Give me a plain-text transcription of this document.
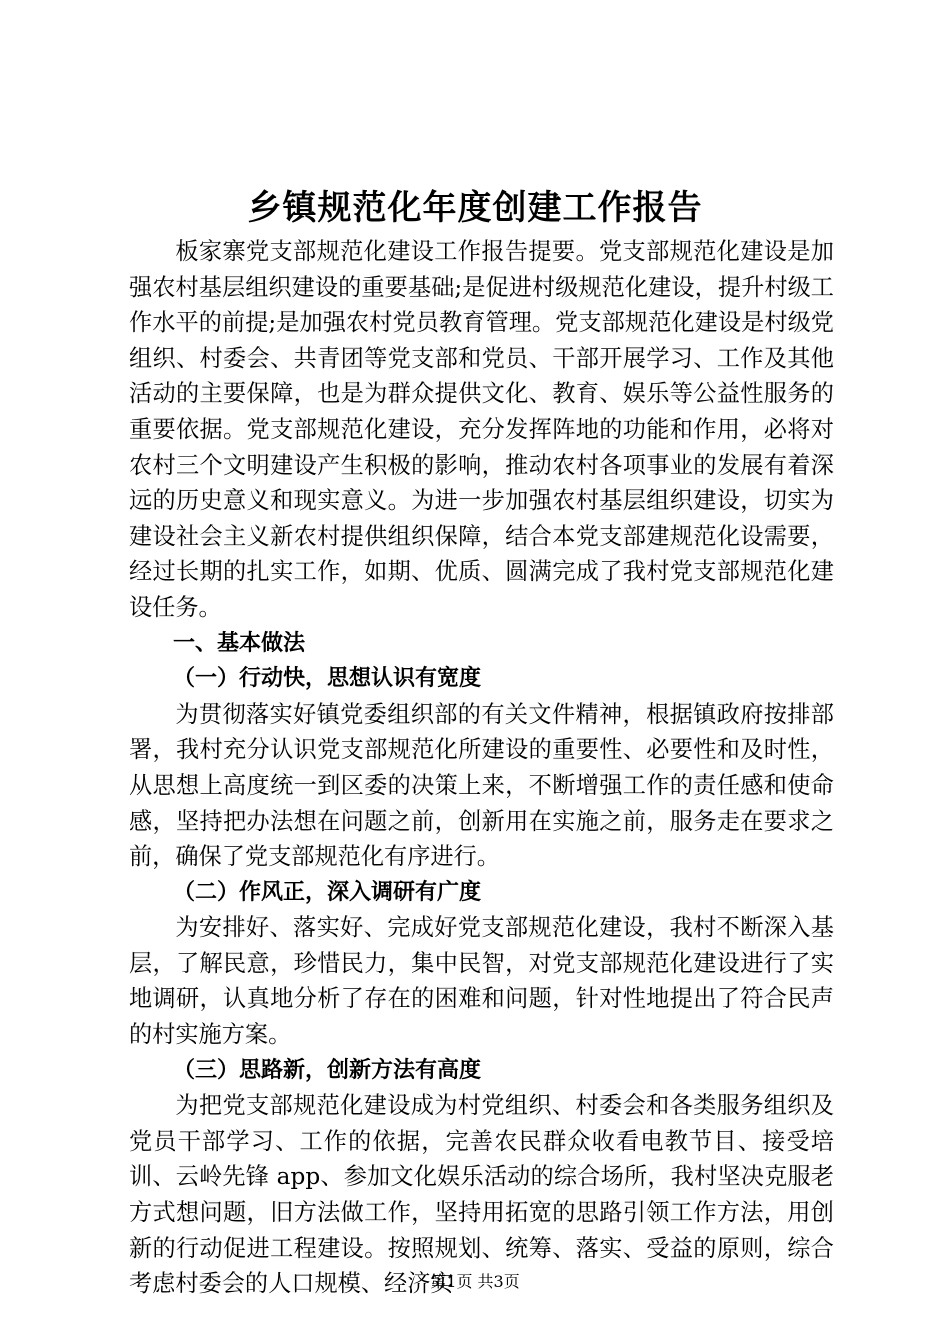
乡镇规范化年度创建工作报告

板家寨党支部规范化建设工作报告提要。党支部规范化建设是加强农村基层组织建设的重要基础;是促进村级规范化建设，提升村级工作水平的前提;是加强农村党员教育管理。党支部规范化建设是村级党组织、村委会、共青团等党支部和党员、干部开展学习、工作及其他活动的主要保障，也是为群众提供文化、教育、娱乐等公益性服务的重要依据。党支部规范化建设，充分发挥阵地的功能和作用，必将对农村三个文明建设产生积极的影响，推动农村各项事业的发展有着深远的历史意义和现实意义。为进一步加强农村基层组织建设，切实为建设社会主义新农村提供组织保障，结合本党支部建规范化设需要，经过长期的扎实工作，如期、优质、圆满完成了我村党支部规范化建设任务。

一、基本做法

（一）行动快，思想认识有宽度

为贯彻落实好镇党委组织部的有关文件精神，根据镇政府按排部署，我村充分认识党支部规范化所建设的重要性、必要性和及时性，从思想上高度统一到区委的决策上来，不断增强工作的责任感和使命感，坚持把办法想在问题之前，创新用在实施之前，服务走在要求之前，确保了党支部规范化有序进行。

（二）作风正，深入调研有广度

为安排好、落实好、完成好党支部规范化建设，我村不断深入基层，了解民意，珍惜民力，集中民智，对党支部规范化建设进行了实地调研，认真地分析了存在的困难和问题，针对性地提出了符合民声的村实施方案。

（三）思路新，创新方法有高度

为把党支部规范化建设成为村党组织、村委会和各类服务组织及党员干部学习、工作的依据，完善农民群众收看电教节目、接受培训、云岭先锋 app、参加文化娱乐活动的综合场所，我村坚决克服老方式想问题，旧方法做工作，坚持用拓宽的思路引领工作方法，用创新的行动促进工程建设。按照规划、统筹、落实、受益的原则，综合考虑村委会的人口规模、经济实

第1页 共3页
